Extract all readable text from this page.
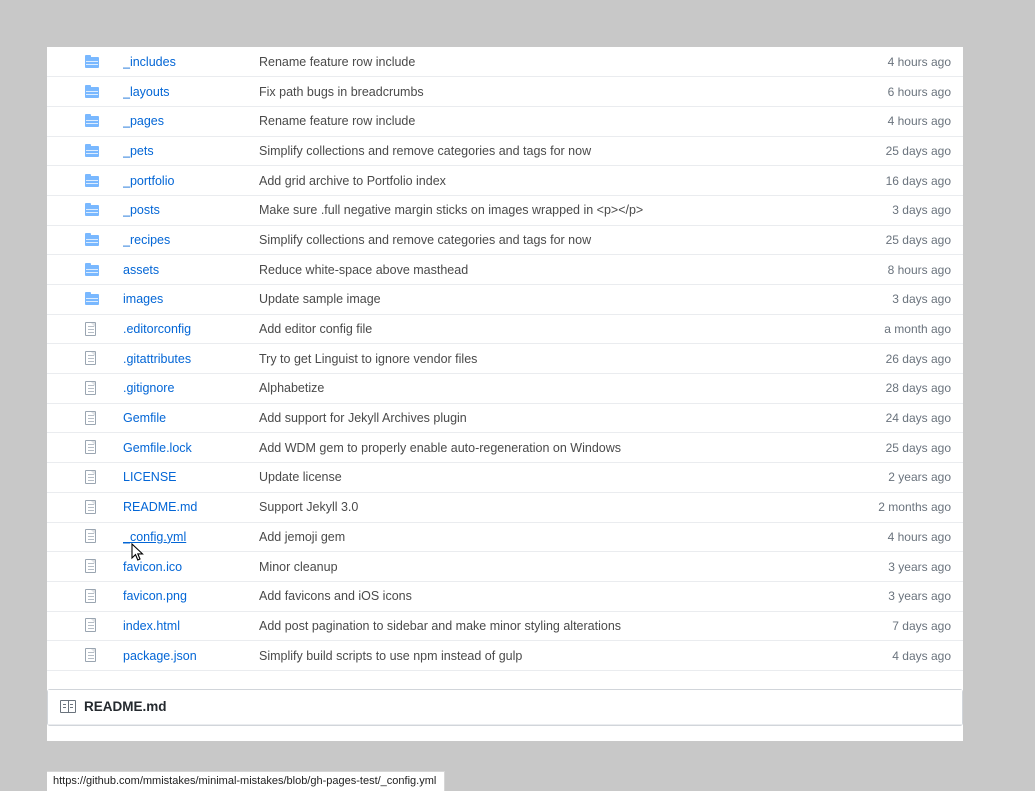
	_includes	Rename feature row include	4 hours ago
	_layouts	Fix path bugs in breadcrumbs	6 hours ago
	_pages	Rename feature row include	4 hours ago
	_pets	Simplify collections and remove categories and tags for now	25 days ago
	_portfolio	Add grid archive to Portfolio index	16 days ago
	_posts	Make sure .full negative margin sticks on images wrapped in <p></p>	3 days ago
	_recipes	Simplify collections and remove categories and tags for now	25 days ago
	assets	Reduce white-space above masthead	8 hours ago
	images	Update sample image	3 days ago
	.editorconfig	Add editor config file	a month ago
	.gitattributes	Try to get Linguist to ignore vendor files	26 days ago
	.gitignore	Alphabetize	28 days ago
	Gemfile	Add support for Jekyll Archives plugin	24 days ago
	Gemfile.lock	Add WDM gem to properly enable auto-regeneration on Windows	25 days ago
	LICENSE	Update license	2 years ago
	README.md	Support Jekyll 3.0	2 months ago
	_config.yml	Add jemoji gem	4 hours ago
	favicon.ico	Minor cleanup	3 years ago
	favicon.png	Add favicons and iOS icons	3 years ago
	index.html	Add post pagination to sidebar and make minor styling alterations	7 days ago
	package.json	Simplify build scripts to use npm instead of gulp	4 days ago
README.md
https://github.com/mmistakes/minimal-mistakes/blob/gh-pages-test/_config.yml
